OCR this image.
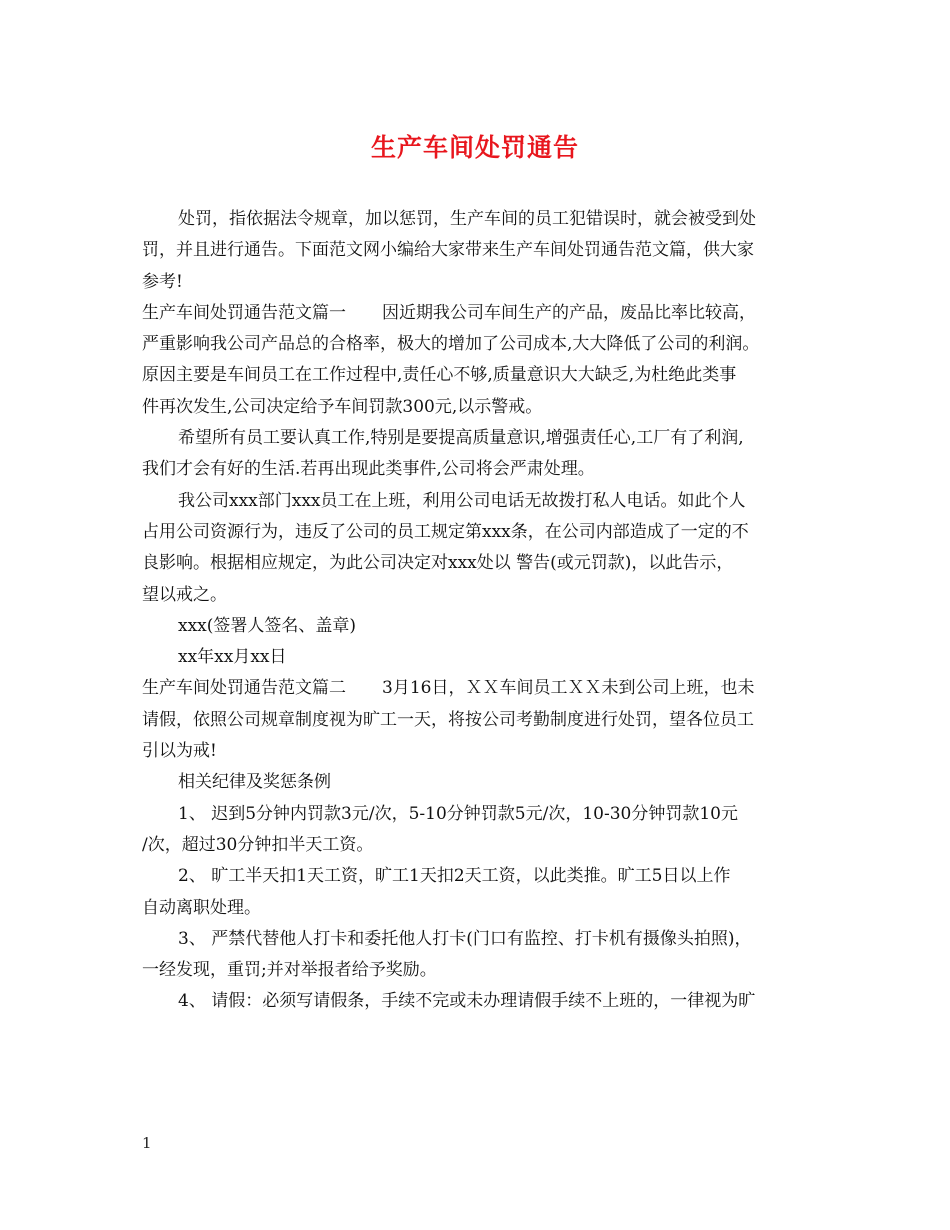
生产车间处罚通告
处罚，指依据法令规章，加以惩罚，生产车间的员工犯错误时，就会被受到处
罚，并且进行通告。下面范文网小编给大家带来生产车间处罚通告范文篇，供大家
参考!
生产车间处罚通告范文篇一 因近期我公司车间生产的产品，废品比率比较高，
严重影响我公司产品总的合格率，极大的增加了公司成本,大大降低了公司的利润。
原因主要是车间员工在工作过程中,责任心不够,质量意识大大缺乏,为杜绝此类事
件再次发生,公司决定给予车间罚款300元,以示警戒。
希望所有员工要认真工作,特别是要提高质量意识,增强责任心,工厂有了利润,
我们才会有好的生活.若再出现此类事件,公司将会严肃处理。
我公司xxx部门xxx员工在上班，利用公司电话无故拨打私人电话。如此个人
占用公司资源行为，违反了公司的员工规定第xxx条，在公司内部造成了一定的不
良影响。根据相应规定，为此公司决定对xxx处以 警告(或元罚款)，以此告示，
望以戒之。
xxx(签署人签名、盖章)
xx年xx月xx日
生产车间处罚通告范文篇二 3月16日，ＸＸ车间员工ＸＸ未到公司上班，也未
请假，依照公司规章制度视为旷工一天，将按公司考勤制度进行处罚，望各位员工
引以为戒!
相关纪律及奖惩条例
1、 迟到5分钟内罚款3元/次，5-10分钟罚款5元/次，10-30分钟罚款10元
/次，超过30分钟扣半天工资。
2、 旷工半天扣1天工资，旷工1天扣2天工资，以此类推。旷工5日以上作
自动离职处理。
3、 严禁代替他人打卡和委托他人打卡(门口有监控、打卡机有摄像头拍照)，
一经发现，重罚;并对举报者给予奖励。
4、 请假：必须写请假条，手续不完或未办理请假手续不上班的，一律视为旷
1
